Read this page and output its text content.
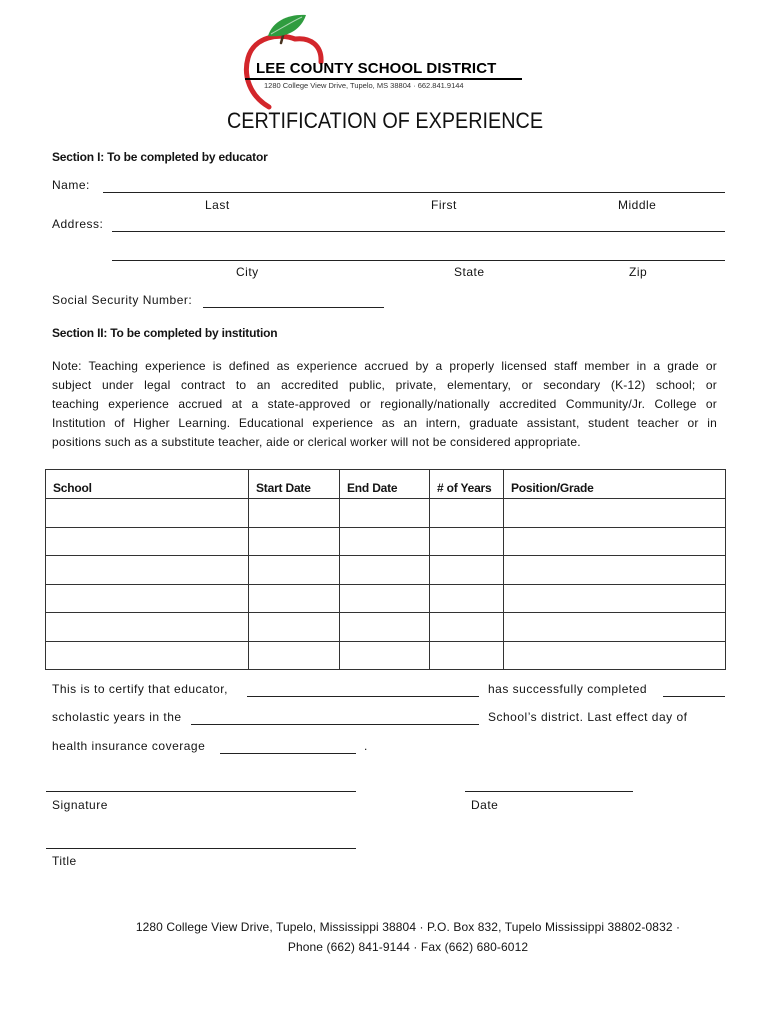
LEE COUNTY SCHOOL DISTRICT
1280 College View Drive, Tupelo, MS 38804 · 662.841.9144
CERTIFICATION OF EXPERIENCE
Section I: To be completed by educator
Name:
Last	First	Middle
Address:
City	State	Zip
Social Security Number:
Section II: To be completed by institution
Note: Teaching experience is defined as experience accrued by a properly licensed staff member in a grade or
subject under legal contract to an accredited public, private, elementary, or secondary (K-12) school; or
teaching experience accrued at a state-approved or regionally/nationally accredited Community/Jr. College or
Institution of Higher Learning. Educational experience as an intern, graduate assistant, student teacher or in
positions such as a substitute teacher, aide or clerical worker will not be considered appropriate.
School	Start Date	End Date	# of Years	Position/Grade

This is to certify that educator,	has successfully completed
scholastic years in the	School’s district. Last effect day of
health insurance coverage	.
Signature	Date
Title
1280 College View Drive, Tupelo, Mississippi 38804 · P.O. Box 832, Tupelo Mississippi 38802-0832 ·
Phone (662) 841-9144 · Fax (662) 680-6012
